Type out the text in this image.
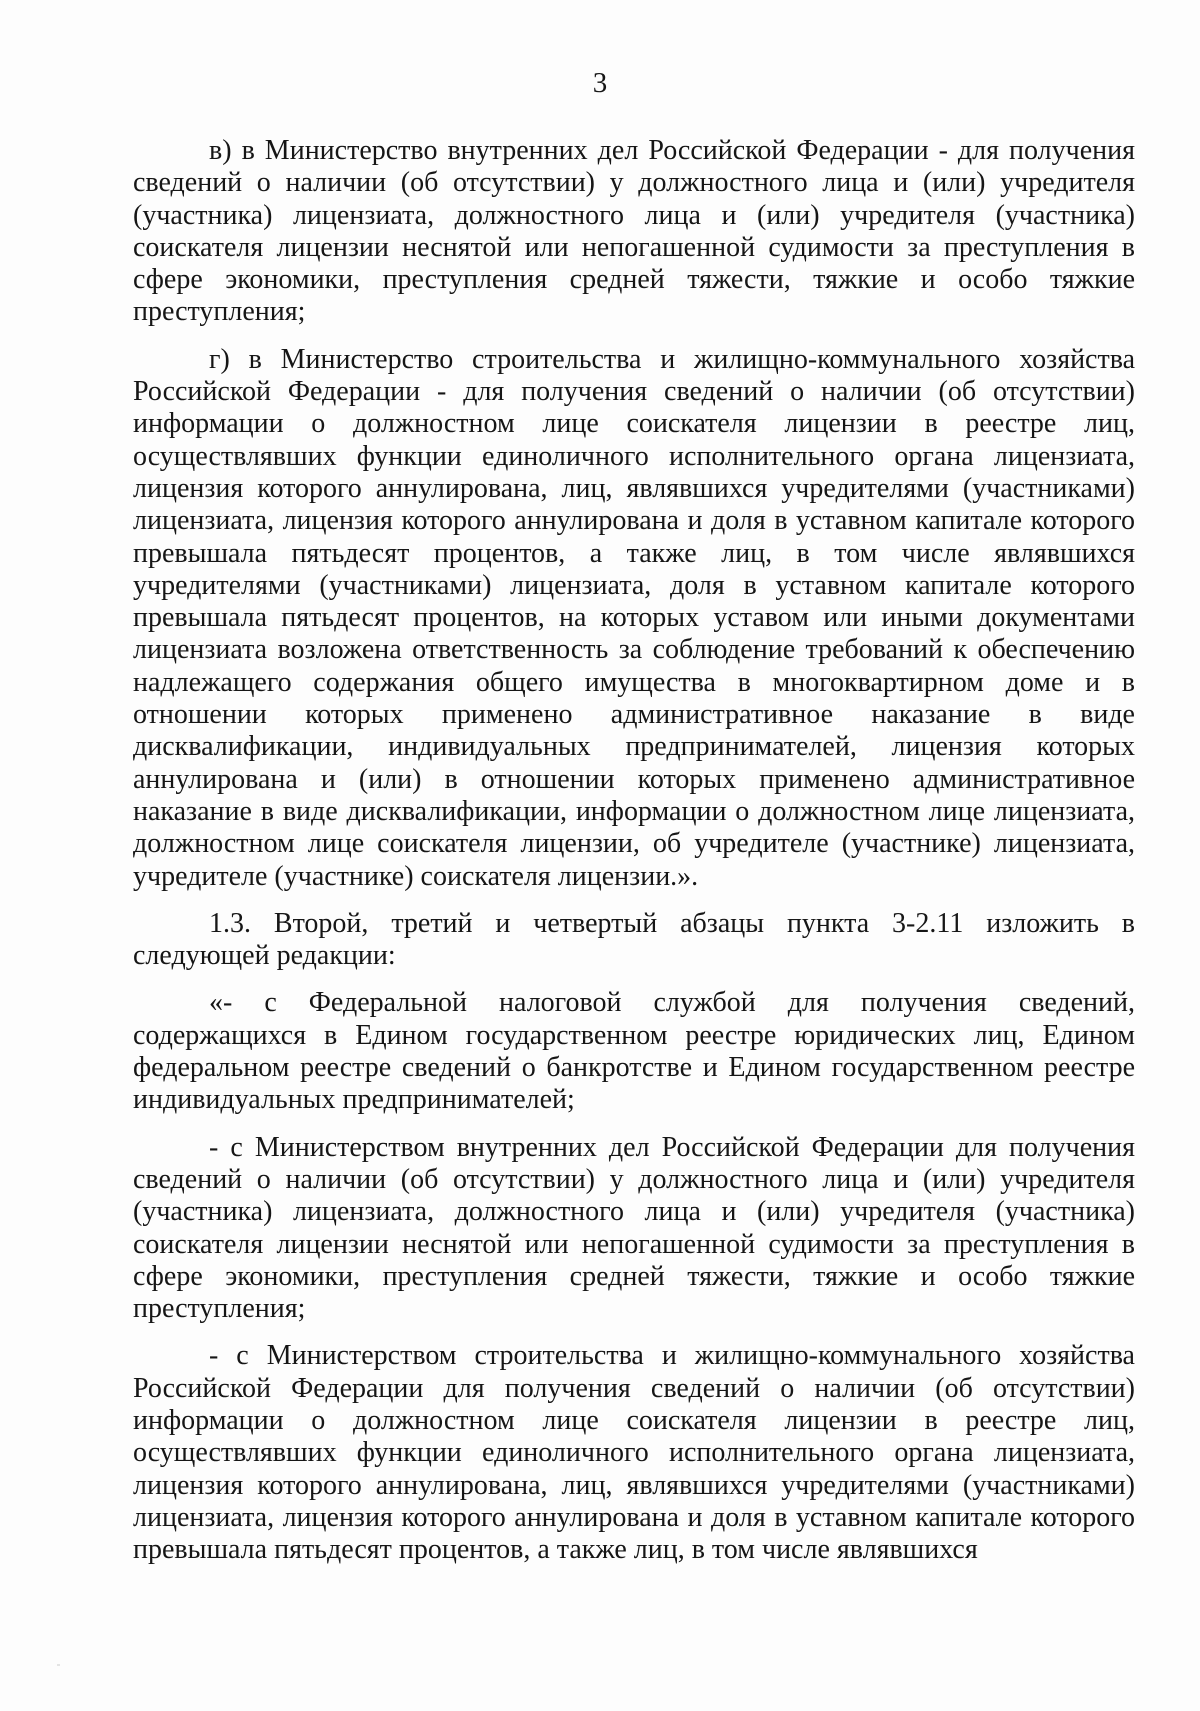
3

в) в Министерство внутренних дел Российской Федерации - для получения сведений о наличии (об отсутствии) у должностного лица и (или) учредителя (участника) лицензиата, должностного лица и (или) учредителя (участника) соискателя лицензии неснятой или непогашенной судимости за преступления в сфере экономики, преступления средней тяжести, тяжкие и особо тяжкие преступления;

г) в Министерство строительства и жилищно-коммунального хозяйства Российской Федерации - для получения сведений о наличии (об отсутствии) информации о должностном лице соискателя лицензии в реестре лиц, осуществлявших функции единоличного исполнительного органа лицензиата, лицензия которого аннулирована, лиц, являвшихся учредителями (участниками) лицензиата, лицензия которого аннулирована и доля в уставном капитале которого превышала пятьдесят процентов, а также лиц, в том числе являвшихся учредителями (участниками) лицензиата, доля в уставном капитале которого превышала пятьдесят процентов, на которых уставом или иными документами лицензиата возложена ответственность за соблюдение требований к обеспечению надлежащего содержания общего имущества в многоквартирном доме и в отношении которых применено административное наказание в виде дисквалификации, индивидуальных предпринимателей, лицензия которых аннулирована и (или) в отношении которых применено административное наказание в виде дисквалификации, информации о должностном лице лицензиата, должностном лице соискателя лицензии, об учредителе (участнике) лицензиата, учредителе (участнике) соискателя лицензии.».

1.3. Второй, третий и четвертый абзацы пункта 3-2.11 изложить в следующей редакции:

«- с Федеральной налоговой службой для получения сведений, содержащихся в Едином государственном реестре юридических лиц, Едином федеральном реестре сведений о банкротстве и Едином государственном реестре индивидуальных предпринимателей;

- с Министерством внутренних дел Российской Федерации для получения сведений о наличии (об отсутствии) у должностного лица и (или) учредителя (участника) лицензиата, должностного лица и (или) учредителя (участника) соискателя лицензии неснятой или непогашенной судимости за преступления в сфере экономики, преступления средней тяжести, тяжкие и особо тяжкие преступления;

- с Министерством строительства и жилищно-коммунального хозяйства Российской Федерации для получения сведений о наличии (об отсутствии) информации о должностном лице соискателя лицензии в реестре лиц, осуществлявших функции единоличного исполнительного органа лицензиата, лицензия которого аннулирована, лиц, являвшихся учредителями (участниками) лицензиата, лицензия которого аннулирована и доля в уставном капитале которого превышала пятьдесят процентов, а также лиц, в том числе являвшихся
